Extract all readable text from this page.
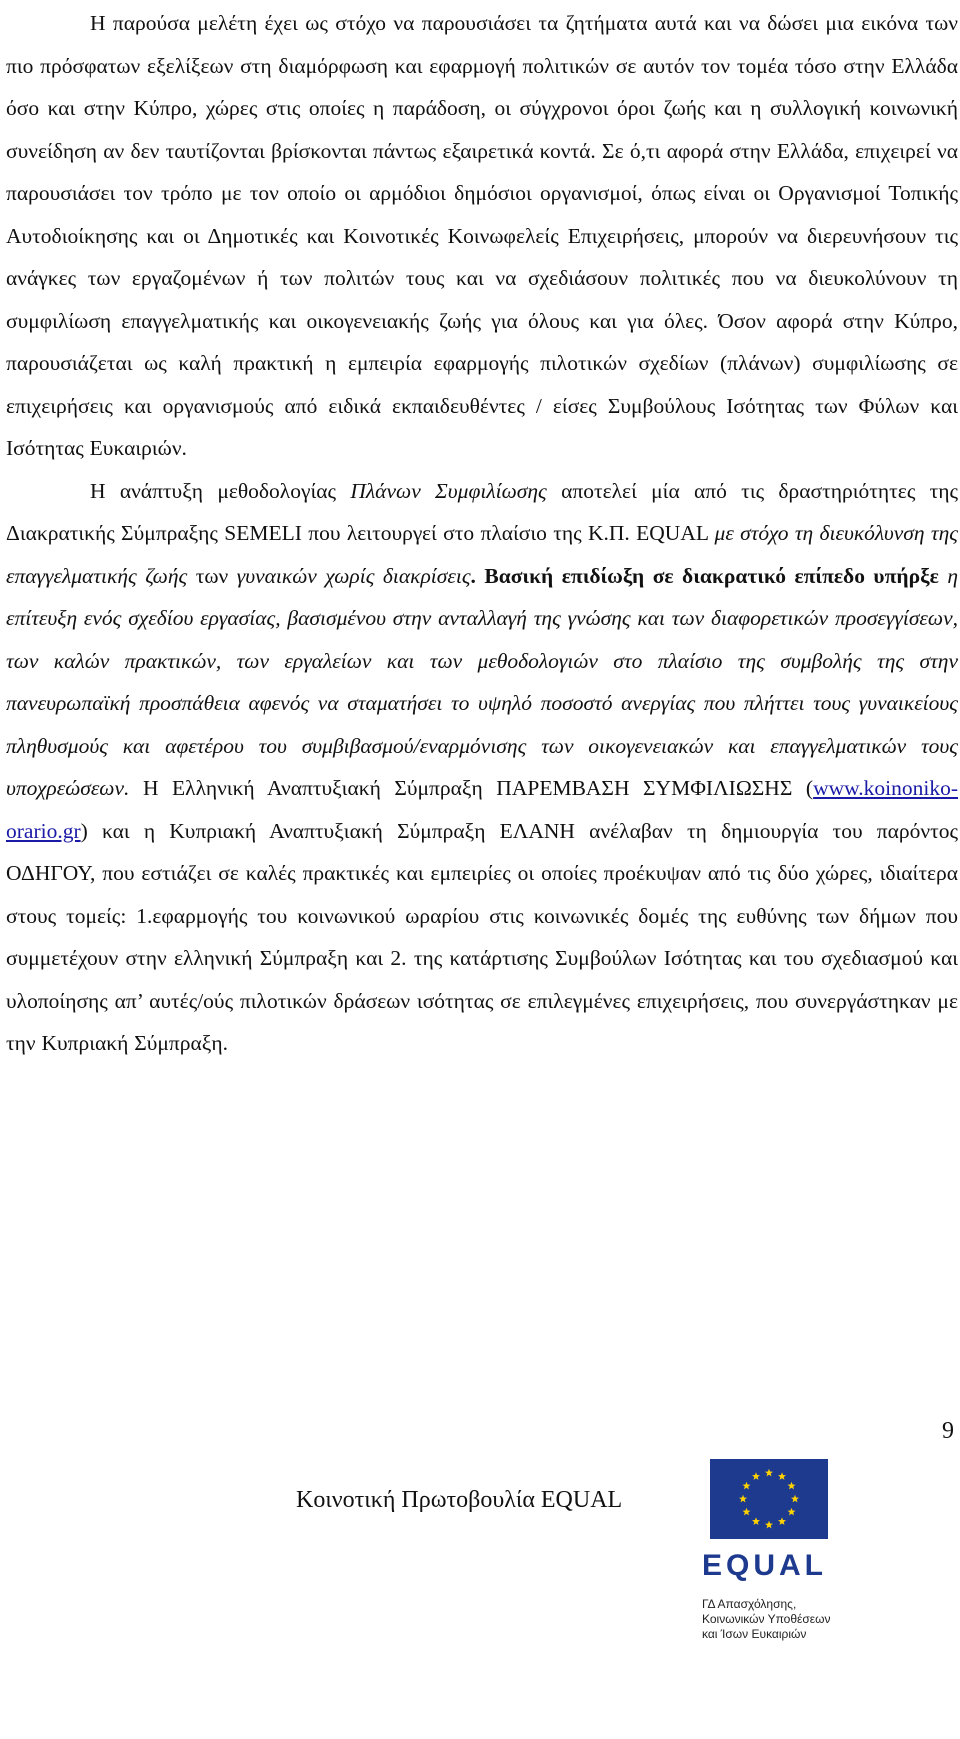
Η παρούσα μελέτη έχει ως στόχο να παρουσιάσει τα ζητήματα αυτά και να δώσει μια εικόνα των πιο πρόσφατων εξελίξεων στη διαμόρφωση και εφαρμογή πολιτικών σε αυτόν τον τομέα τόσο στην Ελλάδα όσο και στην Κύπρο, χώρες στις οποίες η παράδοση, οι σύγχρονοι όροι ζωής και η συλλογική κοινωνική συνείδηση αν δεν ταυτίζονται βρίσκονται πάντως εξαιρετικά κοντά. Σε ό,τι αφορά στην Ελλάδα, επιχειρεί να παρουσιάσει τον τρόπο με τον οποίο οι αρμόδιοι δημόσιοι οργανισμοί, όπως είναι οι Οργανισμοί Τοπικής Αυτοδιοίκησης και οι Δημοτικές και Κοινοτικές Κοινωφελείς Επιχειρήσεις, μπορούν να διερευνήσουν τις ανάγκες των εργαζομένων ή των πολιτών τους και να σχεδιάσουν πολιτικές που να διευκολύνουν τη συμφιλίωση επαγγελματικής και οικογενειακής ζωής για όλους και για όλες. Όσον αφορά στην Κύπρο, παρουσιάζεται ως καλή πρακτική η εμπειρία εφαρμογής πιλοτικών σχεδίων (πλάνων) συμφιλίωσης σε επιχειρήσεις και οργανισμούς από ειδικά εκπαιδευθέντες / είσες Συμβούλους Ισότητας των Φύλων και Ισότητας Ευκαιριών.

Η ανάπτυξη μεθοδολογίας Πλάνων Συμφιλίωσης αποτελεί μία από τις δραστηριότητες της Διακρατικής Σύμπραξης SEMELI που λειτουργεί στο πλαίσιο της Κ.Π. EQUAL με στόχο τη διευκόλυνση της επαγγελματικής ζωής των γυναικών χωρίς διακρίσεις. Βασική επιδίωξη σε διακρατικό επίπεδο υπήρξε η επίτευξη ενός σχεδίου εργασίας, βασισμένου στην ανταλλαγή της γνώσης και των διαφορετικών προσεγγίσεων, των καλών πρακτικών, των εργαλείων και των μεθοδολογιών στο πλαίσιο της συμβολής της στην πανευρωπαϊκή προσπάθεια αφενός να σταματήσει το υψηλό ποσοστό ανεργίας που πλήττει τους γυναικείους πληθυσμούς και αφετέρου του συμβιβασμού/εναρμόνισης των οικογενειακών και επαγγελματικών τους υποχρεώσεων. Η Ελληνική Αναπτυξιακή Σύμπραξη ΠΑΡΕΜΒΑΣΗ ΣΥΜΦΙΛΙΩΣΗΣ (www.koinoniko-orario.gr) και η Κυπριακή Αναπτυξιακή Σύμπραξη ΕΛΑΝΗ ανέλαβαν τη δημιουργία του παρόντος ΟΔΗΓΟΥ, που εστιάζει σε καλές πρακτικές και εμπειρίες οι οποίες προέκυψαν από τις δύο χώρες, ιδιαίτερα στους τομείς: 1.εφαρμογής του κοινωνικού ωραρίου στις κοινωνικές δομές της ευθύνης των δήμων που συμμετέχουν στην ελληνική Σύμπραξη και 2. της κατάρτισης Συμβούλων Ισότητας και του σχεδιασμού και υλοποίησης απ’ αυτές/ούς πιλοτικών δράσεων ισότητας σε επιλεγμένες επιχειρήσεις, που συνεργάστηκαν με την Κυπριακή Σύμπραξη.

9
Κοινοτική Πρωτοβουλία EQUAL
EQUAL
ΓΔ Απασχόλησης,
Κοινωνικών Υποθέσεων
και Ίσων Ευκαιριών
